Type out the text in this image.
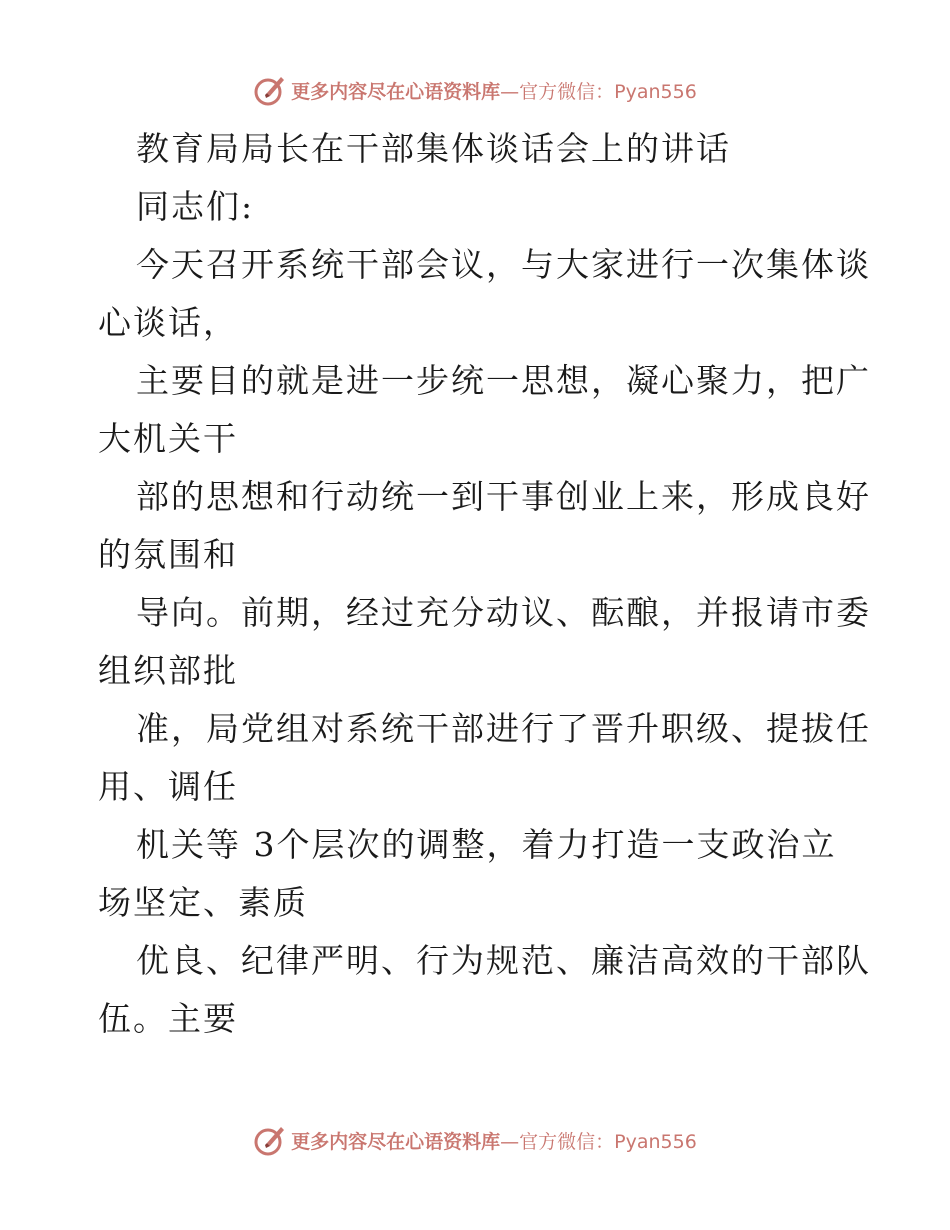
更多内容尽在心语资料库 —官方微信：Pyan556
教育局局长在干部集体谈话会上的讲话
同志们:
今天召开系统干部会议，与大家进行一次集体谈
心谈话，
主要目的就是进一步统一思想，凝心聚力，把广
大机关干
部的思想和行动统一到干事创业上来，形成良好
的氛围和
导向。前期，经过充分动议、酝酿，并报请市委
组织部批
准，局党组对系统干部进行了晋升职级、提拔任
用、调任
机关等 3个层次的调整，着力打造一支政治立
场坚定、素质
优良、纪律严明、行为规范、廉洁高效的干部队
伍。主要
更多内容尽在心语资料库 —官方微信：Pyan556
